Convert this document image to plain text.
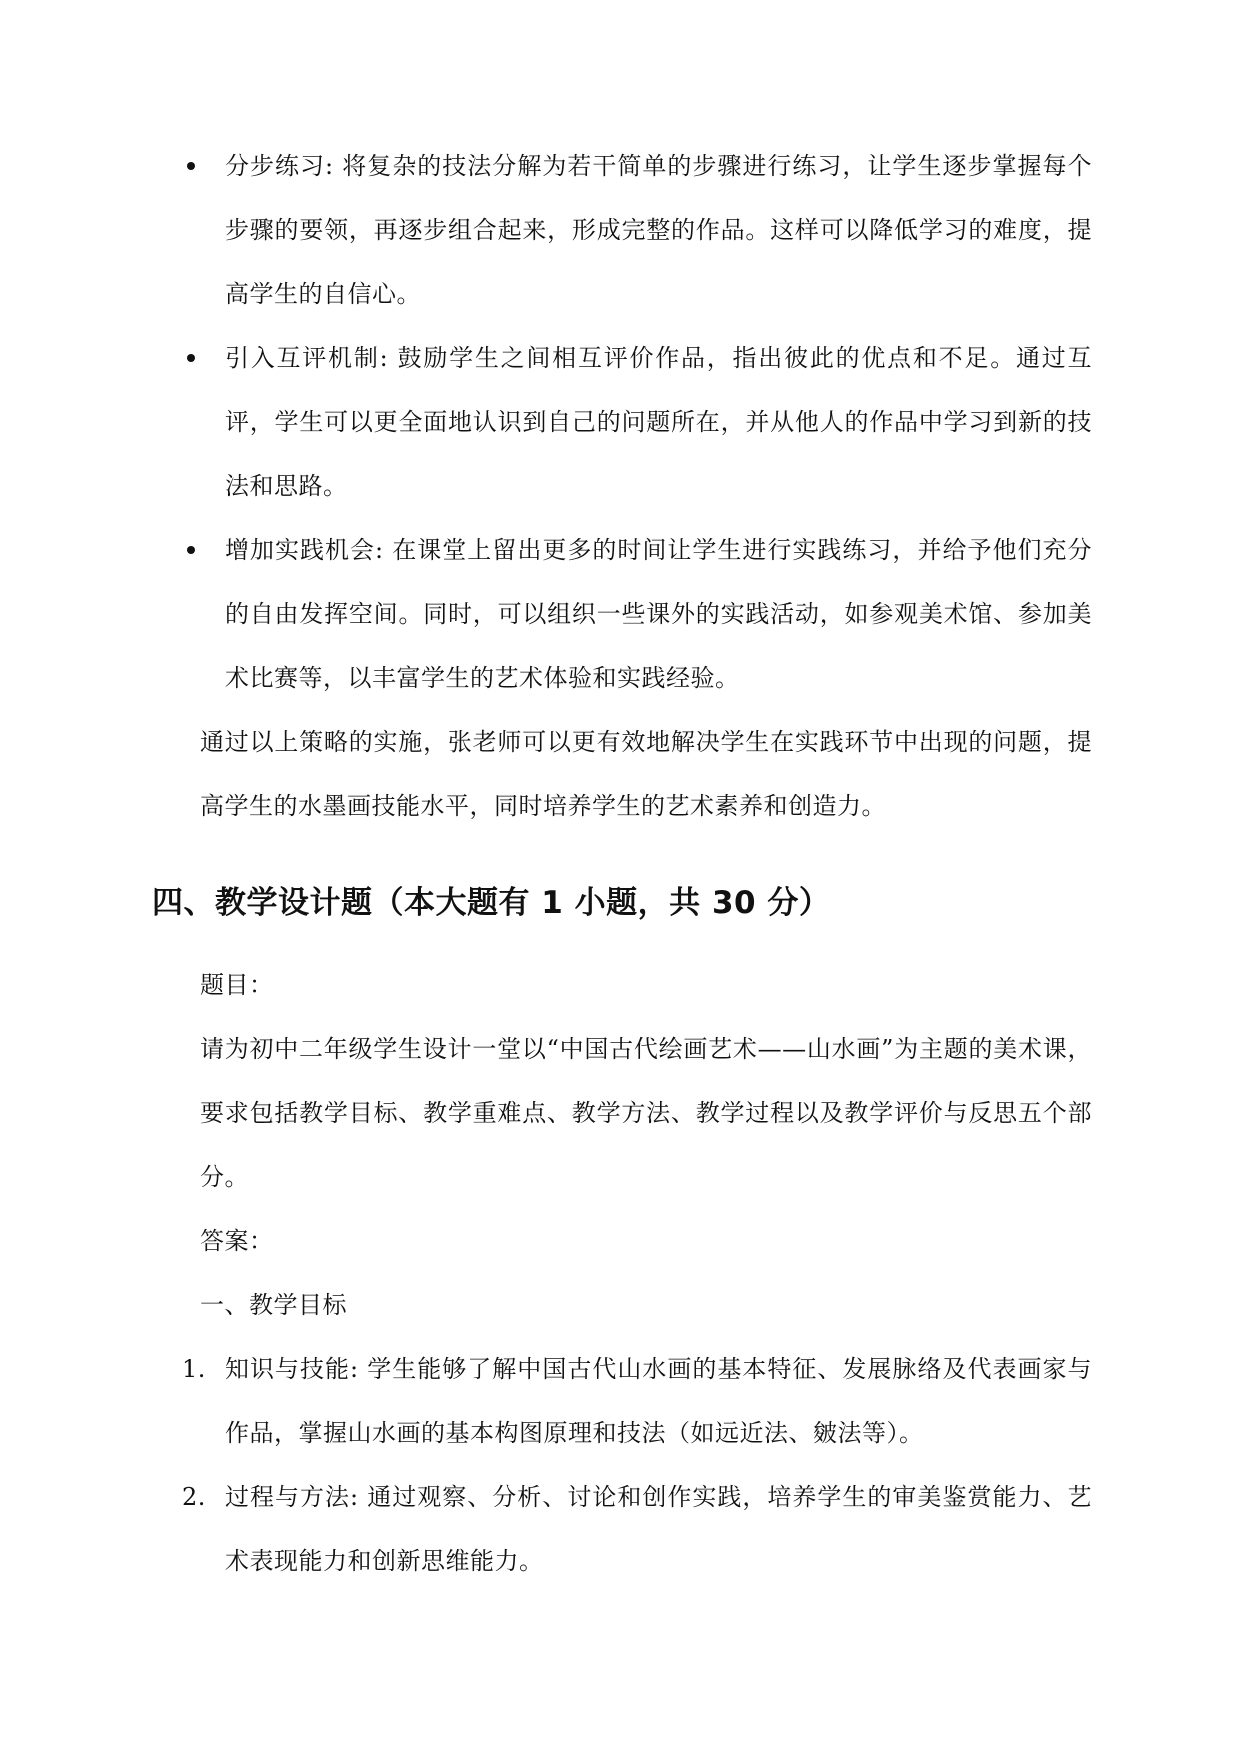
分步练习: 将复杂的技法分解为若干简单的步骤进行练习，让学生逐步掌握每个步骤的要领，再逐步组合起来，形成完整的作品。这样可以降低学习的难度，提高学生的自信心。
引入互评机制: 鼓励学生之间相互评价作品，指出彼此的优点和不足。通过互评，学生可以更全面地认识到自己的问题所在，并从他人的作品中学习到新的技法和思路。
增加实践机会: 在课堂上留出更多的时间让学生进行实践练习，并给予他们充分的自由发挥空间。同时，可以组织一些课外的实践活动，如参观美术馆、参加美术比赛等，以丰富学生的艺术体验和实践经验。

通过以上策略的实施，张老师可以更有效地解决学生在实践环节中出现的问题，提高学生的水墨画技能水平，同时培养学生的艺术素养和创造力。

四、教学设计题（本大题有 1 小题，共 30 分）
题目：

请为初中二年级学生设计一堂以“中国古代绘画艺术——山水画”为主题的美术课，要求包括教学目标、教学重难点、教学方法、教学过程以及教学评价与反思五个部分。

答案：
一、教学目标
1. 知识与技能: 学生能够了解中国古代山水画的基本特征、发展脉络及代表画家与作品，掌握山水画的基本构图原理和技法（如远近法、皴法等）。
2. 过程与方法: 通过观察、分析、讨论和创作实践，培养学生的审美鉴赏能力、艺术表现能力和创新思维能力。
